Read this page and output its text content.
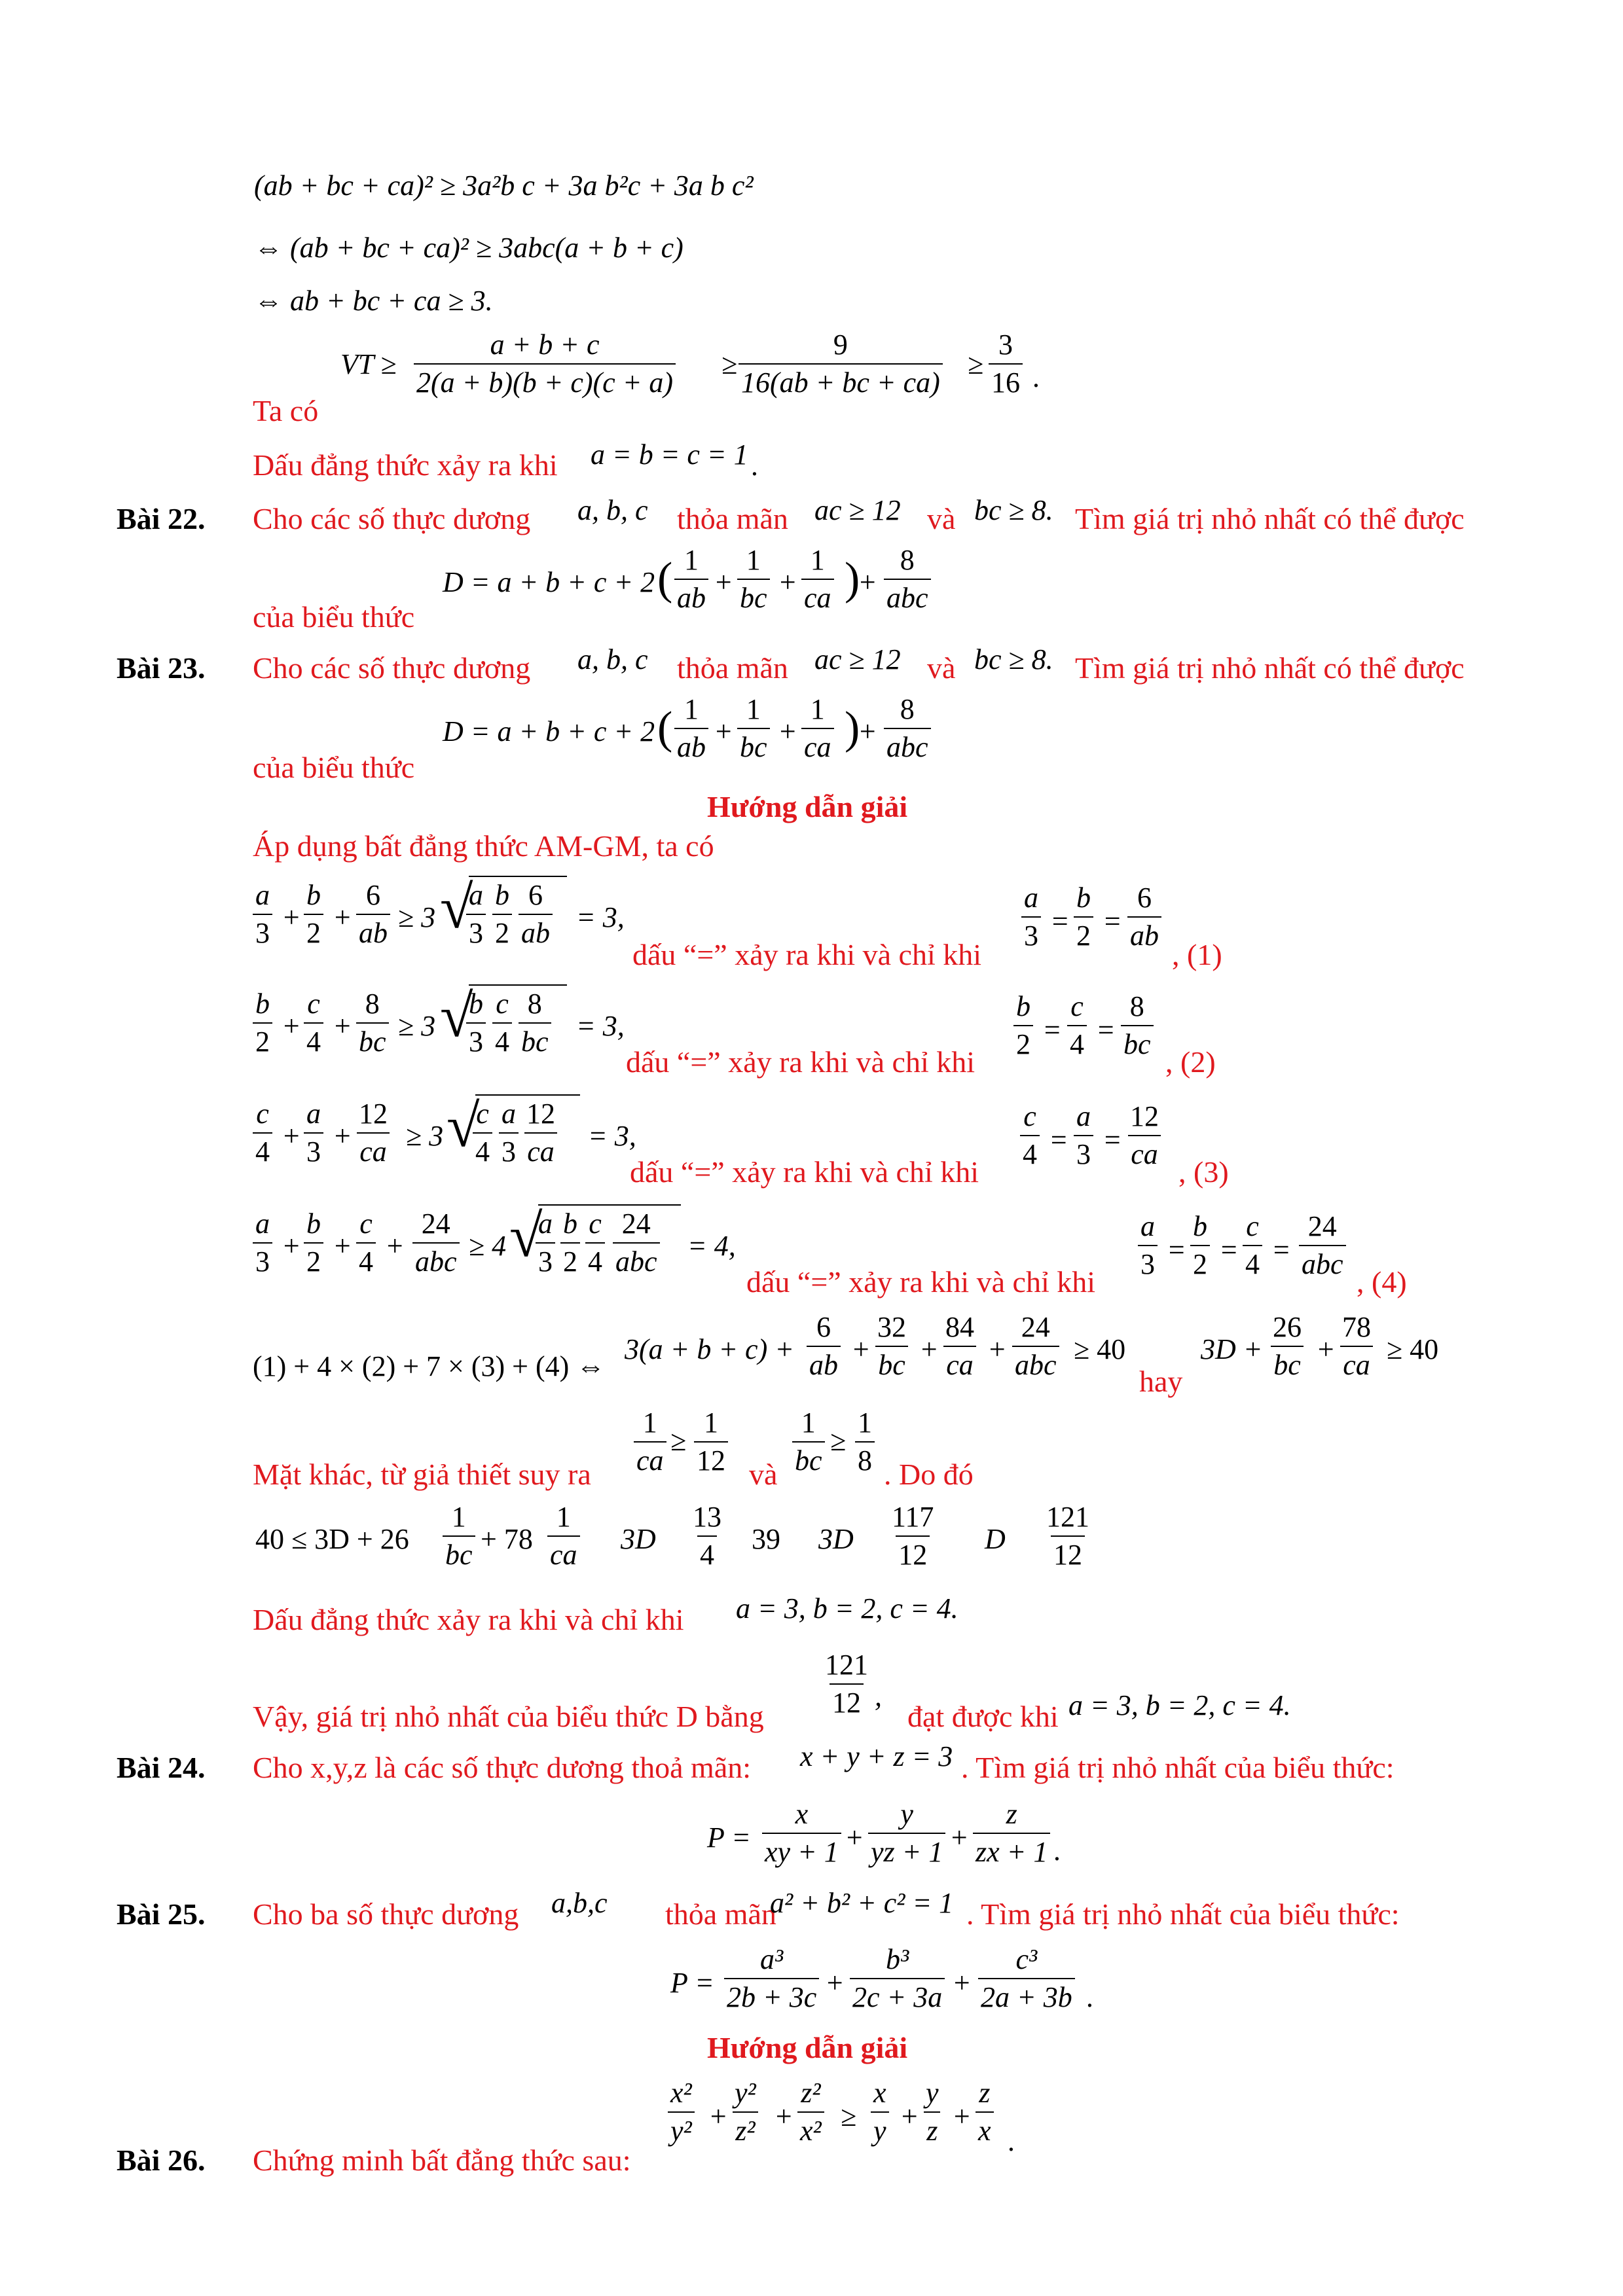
(ab + bc + ca)² ≥ 3a²b c + 3a b²c + 3a b c²
⇔ (ab + bc + ca)² ≥ 3abc(a + b + c)
⇔ ab + bc + ca ≥ 3.
VT ≥ $\frac{a + b + c}{2(a + b)(b + c)(c + a)} \ge \frac{9}{16(ab + bc + ca)} \ge \frac{3}{16}$ .
Ta có
Dấu đẳng thức xảy ra khi a = b = c = 1 .
Bài 22. Cho các số thực dương a, b, c thỏa mãn ac ≥ 12 và bc ≥ 8. Tìm giá trị nhỏ nhất có thể được
D = a + b + c + 2 ( $\frac{1}{ab} + \frac{1}{bc} + \frac{1}{ca}$ )
+
8
abc
của biểu thức
Bài 23. Cho các số thực dương a, b, c thỏa mãn ac ≥ 12 và bc ≥ 8. Tìm giá trị nhỏ nhất có thể được
D = a + b + c + 2 ( $\frac{1}{ab} + \frac{1}{bc} + \frac{1}{ca}$ )
+
8
abc
của biểu thức
Hướng dẫn giải
Áp dụng bất đẳng thức AM-GM, ta có
$\frac{a}{3} + \frac{b}{2} + \frac{6}{ab} \ge 3$ √
$\frac{a}{3} \frac{b}{2} \frac{6}{ab} = 3$,
dấu “=” xảy ra khi và chỉ khi
$\frac{a}{3} = \frac{b}{2} = \frac{6}{ab}$
, (1)
$\frac{b}{2} + \frac{c}{4} + \frac{8}{bc} \ge 3$ √
$\frac{b}{3} \frac{c}{4} \frac{8}{bc} = 3$,
dấu “=” xảy ra khi và chỉ khi
$\frac{b}{2} = \frac{c}{4} = \frac{8}{bc}$
, (2)
$\frac{c}{4} + \frac{a}{3} + \frac{12}{ca} \ge 3$ √
$\frac{c}{4} \frac{a}{3} \frac{12}{ca} = 3$,
dấu “=” xảy ra khi và chỉ khi
$\frac{c}{4} = \frac{a}{3} = \frac{12}{ca}$
, (3)
$\frac{a}{3} + \frac{b}{2} + \frac{c}{4}$ +
24
abc ≥ 4 √
$\frac{a}{3} \frac{b}{2} \frac{c}{4} 24$
abc = 4,
dấu “=” xảy ra khi và chỉ khi
$\frac{a}{3} = \frac{b}{2} = \frac{c}{4}$ =
24
abc
, (4)
(1) + 4 × (2) + 7 × (3) + (4) ⇔
$3(a + b + c) + \frac{6}{ab} + \frac{32}{bc} + \frac{84}{ca}$ +
24
abc ≥ 40
hay
$3D + \frac{26}{bc} + \frac{78}{ca} \ge 40$
$\frac{1}{ca} \ge \frac{1}{12} \frac{1}{bc} \ge \frac{1}{8}$
Mặt khác, từ giả thiết suy ra	và	. Do đó
$40 \le 3D + 26 \frac{1}{bc} + 78 \frac{1}{ca} 3D \frac{13}{4} 39$ $3D \frac{117}{12}$ D $\frac{121}{12}$
Dấu đẳng thức xảy ra khi và chỉ khi a = 3, b = 2, c = 4.
$\frac{121}{12}$ ,
Vậy, giá trị nhỏ nhất của biểu thức D bằng	đạt được khi a = 3, b = 2, c = 4.
Bài 24. Cho x,y,z là các số thực dương thoả mãn: x + y + z = 3 . Tìm giá trị nhỏ nhất của biểu thức:
$P = \frac{x}{xy + 1} + \frac{y}{yz + 1} + \frac{z}{zx + 1}$ .
Bài 25. Cho ba số thực dương a,b,c thỏa mãn
a² + b² + c² = 1 . Tìm giá trị nhỏ nhất của biểu thức:
$P = \frac{\text{a³}}{2b + 3c} + \frac{\text{b³}}{2c + 3a} + \frac{\text{c³}}{2a + 3b}$ .
Hướng dẫn giải
$\frac{\text{x²}}{\text{y²}} + \frac{\text{y²}}{\text{z²}} + \frac{\text{z²}}{\text{x²}} \ge \frac{x}{y} + \frac{y}{z} + \frac{z}{x}$ .
Bài 26. Chứng minh bất đẳng thức sau:
